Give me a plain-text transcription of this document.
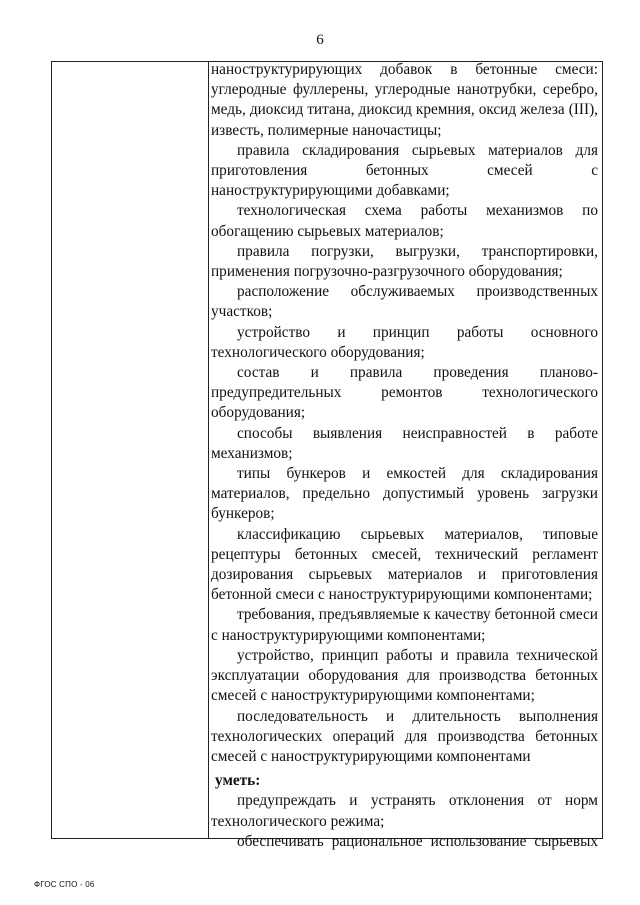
6

наноструктурирующих добавок в бетонные смеси: углеродные фуллерены, углеродные нанотрубки, серебро, медь, диоксид титана, диоксид кремния, оксид железа (III), известь, полимерные наночастицы;

правила складирования сырьевых материалов для приготовления бетонных смесей с наноструктурирующими добавками;

технологическая схема работы механизмов по обогащению сырьевых материалов;

правила погрузки, выгрузки, транспортировки, применения погрузочно-разгрузочного оборудования;

расположение обслуживаемых производственных участков;

устройство и принцип работы основного технологического оборудования;

состав и правила проведения планово-предупредительных ремонтов технологического оборудования;

способы выявления неисправностей в работе механизмов;

типы бункеров и емкостей для складирования материалов, предельно допустимый уровень загрузки бункеров;

классификацию сырьевых материалов, типовые рецептуры бетонных смесей, технический регламент дозирования сырьевых материалов и приготовления бетонной смеси с наноструктурирующими компонентами;

требования, предъявляемые к качеству бетонной смеси с наноструктурирующими компонентами;

устройство, принцип работы и правила технической эксплуатации оборудования для производства бетонных смесей с наноструктурирующими компонентами;

последовательность и длительность выполнения технологических операций для производства бетонных смесей с наноструктурирующими компонентами

уметь:

предупреждать и устранять отклонения от норм технологического режима;

обеспечивать рациональное использование сырьевых

ФГОС СПО - 06
